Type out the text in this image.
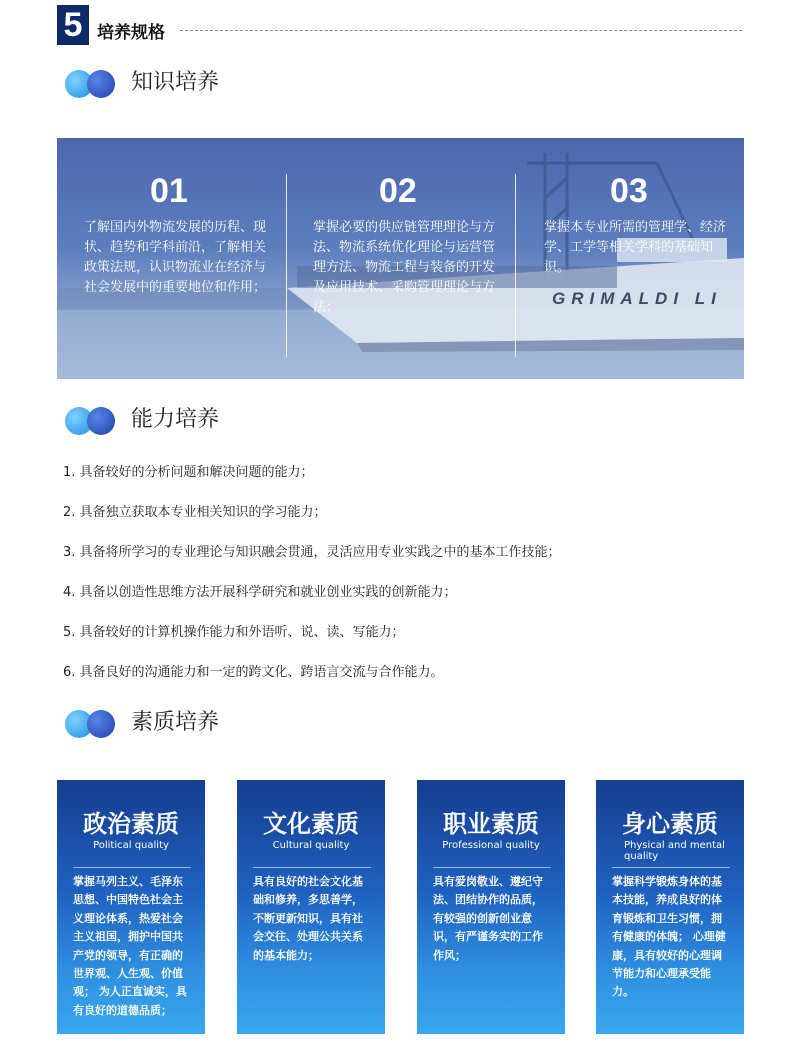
5 培养规格
知识培养
GRIMALDI LI
01
了解国内外物流发展的历程、现状、趋势和学科前沿，了解相关政策法规，认识物流业在经济与社会发展中的重要地位和作用；
02
掌握必要的供应链管理理论与方法、物流系统优化理论与运营管理方法、物流工程与装备的开发及应用技术、采购管理理论与方法；
03
掌握本专业所需的管理学、经济学、工学等相关学科的基础知识。
能力培养
1. 具备较好的分析问题和解决问题的能力；
2. 具备独立获取本专业相关知识的学习能力；
3. 具备将所学习的专业理论与知识融会贯通，灵活应用专业实践之中的基本工作技能；
4. 具备以创造性思维方法开展科学研究和就业创业实践的创新能力；
5. 具备较好的计算机操作能力和外语听、说、读、写能力；
6. 具备良好的沟通能力和一定的跨文化、跨语言交流与合作能力。
素质培养
政治素质
Political quality
掌握马列主义、毛泽东思想、中国特色社会主义理论体系，热爱社会主义祖国，拥护中国共产党的领导，有正确的世界观、人生观、价值观； 为人正直诚实，具有良好的道德品质；
文化素质
Cultural quality
具有良好的社会文化基础和修养，多思善学，不断更新知识，具有社会交往、处理公共关系的基本能力；
职业素质
Professional quality
具有爱岗敬业、遵纪守法、团结协作的品质，有较强的创新创业意识，有严谨务实的工作作风；
身心素质
Physical and mental quality
掌握科学锻炼身体的基本技能，养成良好的体育锻炼和卫生习惯，拥有健康的体魄； 心理健康，具有较好的心理调节能力和心理承受能力。
